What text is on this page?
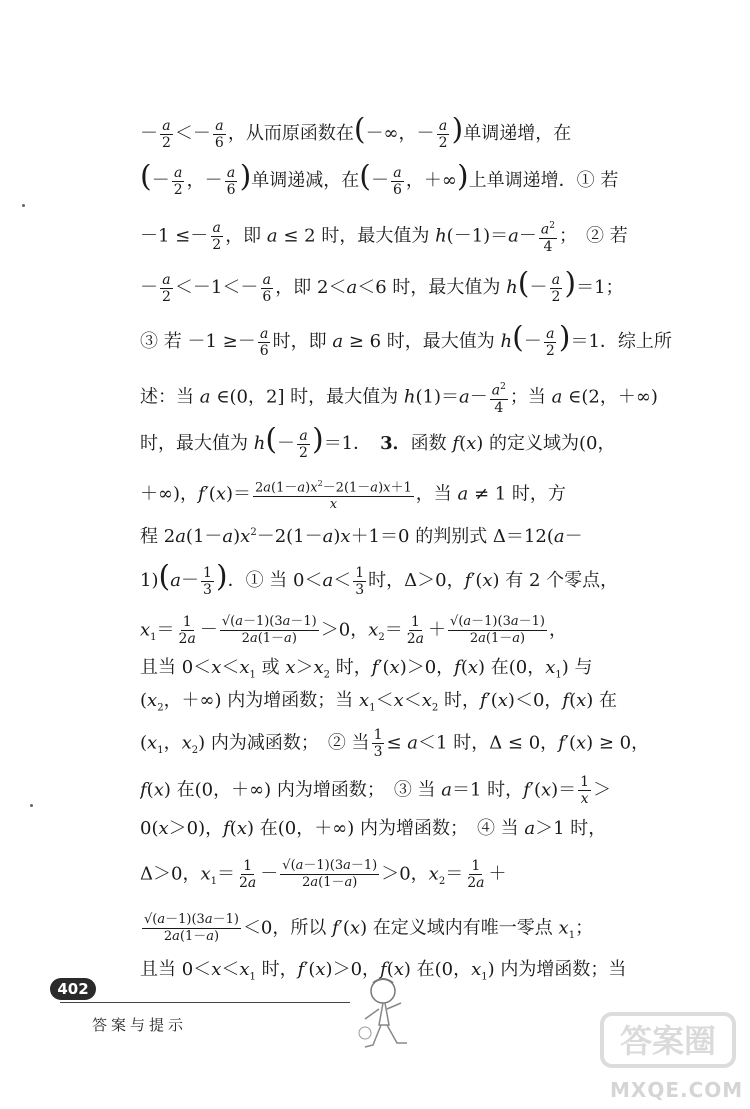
－ $\frac{a}{2} <- \frac{a}{6}$ ，从而原函数在(－∞，－ $\frac{a}{2}$ )单调递增，在
(－ $\frac{a}{2}$ ，－ $\frac{a}{6}$ )单调递减，在(－ $\frac{a}{6}$ ，＋∞)上单调递增．① 若
$-1 \le- \frac{a}{2}$ ，即 a ≤ 2 时，最大值为 $h(-1)=a- \frac{a^2}{4}$ ；　② 若
－ $\frac{a}{2} <-1<- \frac{a}{6}$ ，即 2＜a＜6 时，最大值为 $h(- \frac{a}{2} )=1$；
③ 若 $-1 \ge- \frac{a}{6}$ 时，即 a ≥ 6 时，最大值为 $h(- \frac{a}{2} )=1$．综上所
述：当 a ∈(0，2] 时，最大值为 $h(1)=a- \frac{a^2}{4}$ ；当 a ∈(2，＋∞)
时，最大值为 $h(- \frac{a}{2} )=1$．　3．函数 f(x) 的定义域为(0，
＋∞)，$f'(x)= \frac{2a(1-a)x^2-2(1-a)x+1}{x}$ ，当 a ≠ 1 时，方
程 $2a(1-a)x^2-2(1-a)x+1=0$ 的判别式 Δ＝12(a－
$1)(a- \frac{1}{3}$ )．① 当 $0<a< \frac{1}{3}$ 时，Δ＞0，f′(x) 有 2 个零点，
$x_1= \frac{1}{2a} - \frac{√(a-1)(3a-1)}{2a(1-a)} >0$，$x_2= \frac{1}{2a} + \frac{√(a-1)(3a-1)}{2a(1-a)}$ ，
且当 $0<x<x_1$ 或 $x>x_2$ 时，f′(x)＞0，f(x) 在(0，$x_1$) 与
($x_2$，＋∞) 内为增函数；当 $x_1<x<x_2$ 时，f′(x)＜0，f(x) 在
($x_1$，$x_2$) 内为减函数；　② 当 $\frac{1}{3} \le a<1$ 时，Δ ≤ 0，f′(x) ≥ 0，
f(x) 在(0，＋∞) 内为增函数；　③ 当 a＝1 时，$f'(x)= \frac{1}{x}$ ＞
0(x＞0)，f(x) 在(0，＋∞) 内为增函数；　④ 当 a＞1 时，
Δ＞0，$x_1= \frac{1}{2a} - \frac{√(a-1)(3a-1)}{2a(1-a)} >0$，$x_2= \frac{1}{2a}$ ＋
$\frac{√(a-1)(3a-1)}{2a(1-a)} <0$，所以 f′(x) 在定义域内有唯一零点 $x_1$；
且当 $0<x<x_1$ 时，f′(x)＞0，f(x) 在(0，$x_1$) 内为增函数；当
402
答案与提示	答案圈
MXQE.COM
